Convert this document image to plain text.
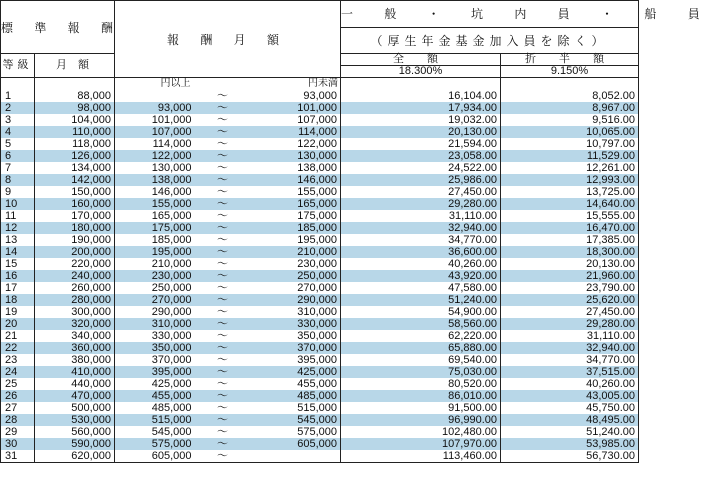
標 準 報 酬		報 酬 月 額			一 般 ・ 坑 内 員 ・ 船 員	
					（厚生年金基金加入員を除く）	
等級	月 額				全 額	折 半 額
					18.300%	9.150%
		円以上		円未満		
1	88,000		～	93,000	16,104.00	8,052.00
2	98,000	93,000	～	101,000	17,934.00	8,967.00
3	104,000	101,000	～	107,000	19,032.00	9,516.00
4	110,000	107,000	～	114,000	20,130.00	10,065.00
5	118,000	114,000	～	122,000	21,594.00	10,797.00
6	126,000	122,000	～	130,000	23,058.00	11,529.00
7	134,000	130,000	～	138,000	24,522.00	12,261.00
8	142,000	138,000	～	146,000	25,986.00	12,993.00
9	150,000	146,000	～	155,000	27,450.00	13,725.00
10	160,000	155,000	～	165,000	29,280.00	14,640.00
11	170,000	165,000	～	175,000	31,110.00	15,555.00
12	180,000	175,000	～	185,000	32,940.00	16,470.00
13	190,000	185,000	～	195,000	34,770.00	17,385.00
14	200,000	195,000	～	210,000	36,600.00	18,300.00
15	220,000	210,000	～	230,000	40,260.00	20,130.00
16	240,000	230,000	～	250,000	43,920.00	21,960.00
17	260,000	250,000	～	270,000	47,580.00	23,790.00
18	280,000	270,000	～	290,000	51,240.00	25,620.00
19	300,000	290,000	～	310,000	54,900.00	27,450.00
20	320,000	310,000	～	330,000	58,560.00	29,280.00
21	340,000	330,000	～	350,000	62,220.00	31,110.00
22	360,000	350,000	～	370,000	65,880.00	32,940.00
23	380,000	370,000	～	395,000	69,540.00	34,770.00
24	410,000	395,000	～	425,000	75,030.00	37,515.00
25	440,000	425,000	～	455,000	80,520.00	40,260.00
26	470,000	455,000	～	485,000	86,010.00	43,005.00
27	500,000	485,000	～	515,000	91,500.00	45,750.00
28	530,000	515,000	～	545,000	96,990.00	48,495.00
29	560,000	545,000	～	575,000	102,480.00	51,240.00
30	590,000	575,000	～	605,000	107,970.00	53,985.00
31	620,000	605,000	～		113,460.00	56,730.00
